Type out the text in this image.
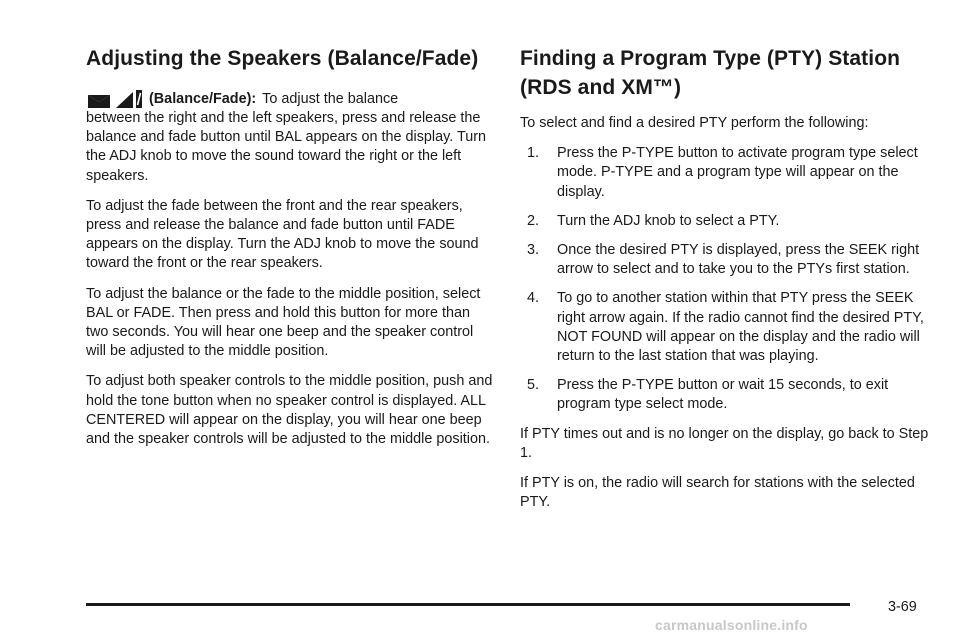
Adjusting the Speakers (Balance/Fade)

(Balance/Fade): To adjust the balance
between the right and the left speakers, press and release the balance and fade button until BAL appears on the display. Turn the ADJ knob to move the sound toward the right or the left speakers.

To adjust the fade between the front and the rear speakers, press and release the balance and fade button until FADE appears on the display. Turn the ADJ knob to move the sound toward the front or the rear speakers.

To adjust the balance or the fade to the middle position, select BAL or FADE. Then press and hold this button for more than two seconds. You will hear one beep and the speaker control will be adjusted to the middle position.

To adjust both speaker controls to the middle position, push and hold the tone button when no speaker control is displayed. ALL CENTERED will appear on the display, you will hear one beep and the speaker controls will be adjusted to the middle position.

Finding a Program Type (PTY) Station (RDS and XM™)

To select and find a desired PTY perform the following:

1.	Press the P-TYPE button to activate program type select mode. P-TYPE and a program type will appear on the display.
2.	Turn the ADJ knob to select a PTY.
3.	Once the desired PTY is displayed, press the SEEK right arrow to select and to take you to the PTYs first station.
4.	To go to another station within that PTY press the SEEK right arrow again. If the radio cannot find the desired PTY, NOT FOUND will appear on the display and the radio will return to the last station that was playing.
5.	Press the P-TYPE button or wait 15 seconds, to exit program type select mode.

If PTY times out and is no longer on the display, go back to Step 1.

If PTY is on, the radio will search for stations with the selected PTY.

3-69
carmanualsonline.info
